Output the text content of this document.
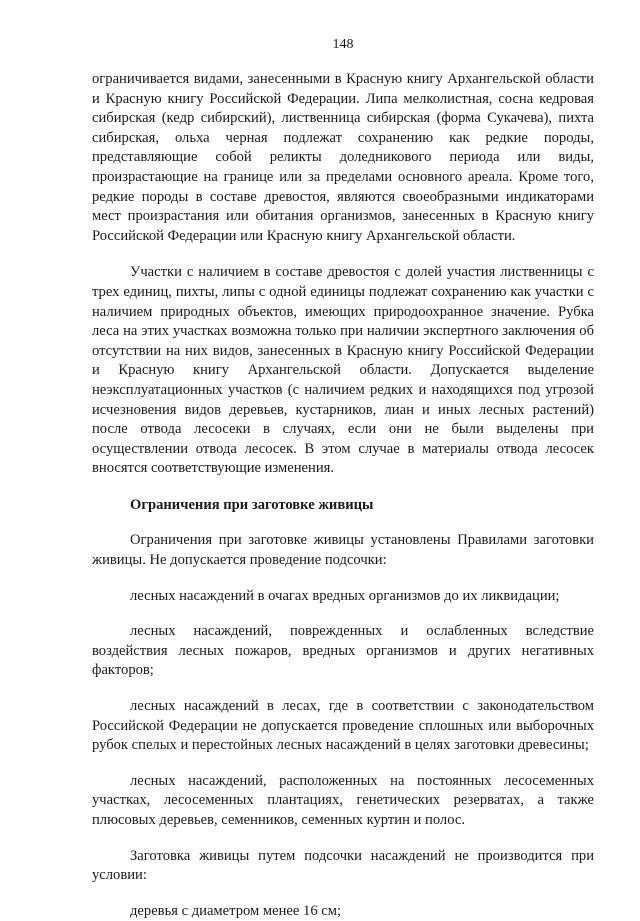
148

ограничивается видами, занесенными в Красную книгу Архангельской области и Красную книгу Российской Федерации. Липа мелколистная, сосна кедровая сибирская (кедр сибирский), лиственница сибирская (форма Сукачева), пихта сибирская, ольха черная подлежат сохранению как редкие породы, представляющие собой реликты доледникового периода или виды, произрастающие на границе или за пределами основного ареала. Кроме того, редкие породы в составе древостоя, являются своеобразными индикаторами мест произрастания или обитания организмов, занесенных в Красную книгу Российской Федерации или Красную книгу Архангельской области.

Участки с наличием в составе древостоя с долей участия лиственницы с трех единиц, пихты, липы с одной единицы подлежат сохранению как участки с наличием природных объектов, имеющих природоохранное значение. Рубка леса на этих участках возможна только при наличии экспертного заключения об отсутствии на них видов, занесенных в Красную книгу Российской Федерации и Красную книгу Архангельской области. Допускается выделение неэксплуатационных участков (с наличием редких и находящихся под угрозой исчезновения видов деревьев, кустарников, лиан и иных лесных растений) после отвода лесосеки в случаях, если они не были выделены при осуществлении отвода лесосек. В этом случае в материалы отвода лесосек вносятся соответствующие изменения.

Ограничения при заготовке живицы

Ограничения при заготовке живицы установлены Правилами заготовки живицы. Не допускается проведение подсочки:

лесных насаждений в очагах вредных организмов до их ликвидации;

лесных насаждений, поврежденных и ослабленных вследствие воздействия лесных пожаров, вредных организмов и других негативных факторов;

лесных насаждений в лесах, где в соответствии с законодательством Российской Федерации не допускается проведение сплошных или выборочных рубок спелых и перестойных лесных насаждений в целях заготовки древесины;

лесных насаждений, расположенных на постоянных лесосеменных участках, лесосеменных плантациях, генетических резерватах, а также плюсовых деревьев, семенников, семенных куртин и полос.

Заготовка живицы путем подсочки насаждений не производится при условии:

деревья с диаметром менее 16 см;
